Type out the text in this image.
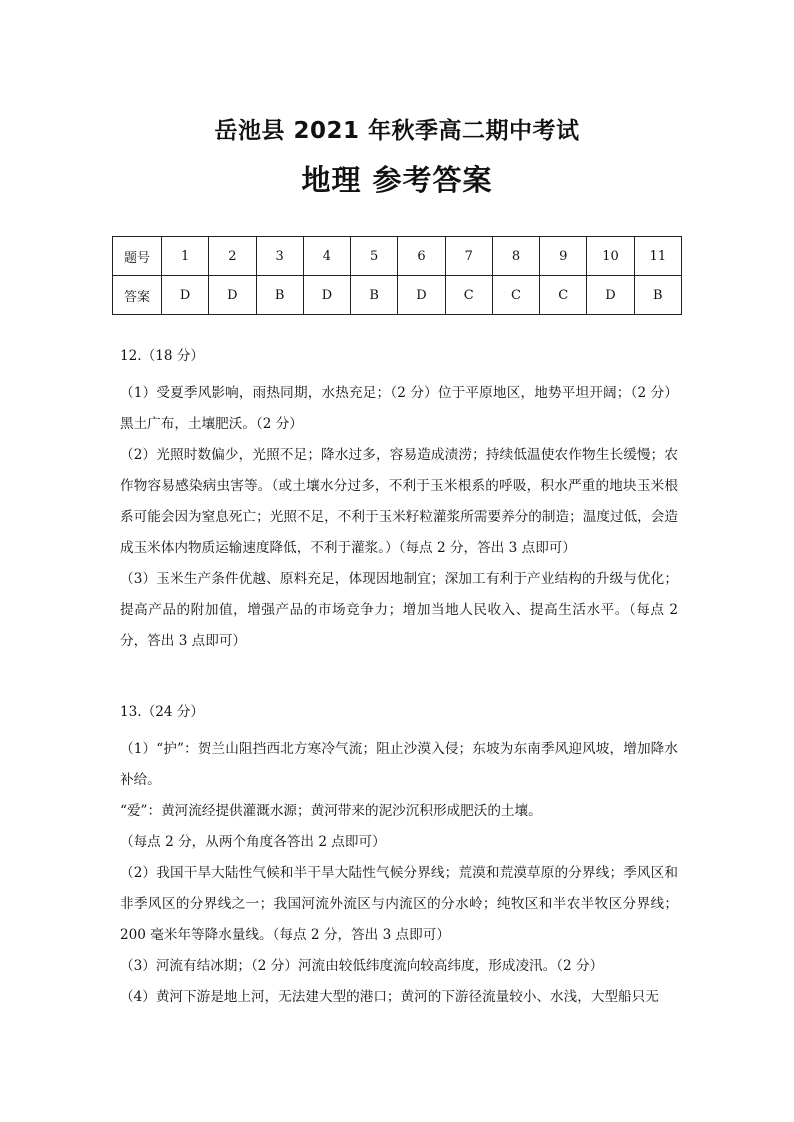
岳池县 2021 年秋季高二期中考试
地理 参考答案
题号	1	2	3	4	5	6	7	8	9	10	11
答案	D	D	B	D	B	D	C	C	C	D	B

12.（18 分）

（1）受夏季风影响，雨热同期，水热充足；（2 分）位于平原地区，地势平坦开阔；（2 分）黑土广布，土壤肥沃。（2 分）

（2）光照时数偏少，光照不足；降水过多，容易造成渍涝；持续低温使农作物生长缓慢；农作物容易感染病虫害等。（或土壤水分过多，不利于玉米根系的呼吸，积水严重的地块玉米根系可能会因为窒息死亡；光照不足，不利于玉米籽粒灌浆所需要养分的制造；温度过低，会造成玉米体内物质运输速度降低，不利于灌浆。）（每点 2 分，答出 3 点即可）

（3）玉米生产条件优越、原料充足，体现因地制宜；深加工有利于产业结构的升级与优化；提高产品的附加值，增强产品的市场竞争力；增加当地人民收入、提高生活水平。（每点 2 分，答出 3 点即可）

13.（24 分）

（1）“护”：贺兰山阻挡西北方寒冷气流；阻止沙漠入侵；东坡为东南季风迎风坡，增加降水补给。

“爱”：黄河流经提供灌溉水源；黄河带来的泥沙沉积形成肥沃的土壤。

（每点 2 分，从两个角度各答出 2 点即可）

（2）我国干旱大陆性气候和半干旱大陆性气候分界线；荒漠和荒漠草原的分界线；季风区和非季风区的分界线之一；我国河流外流区与内流区的分水岭；纯牧区和半农半牧区分界线；200 毫米年等降水量线。（每点 2 分，答出 3 点即可）

（3）河流有结冰期；（2 分）河流由较低纬度流向较高纬度，形成凌汛。（2 分）

（4）黄河下游是地上河，无法建大型的港口；黄河的下游径流量较小、水浅，大型船只无
